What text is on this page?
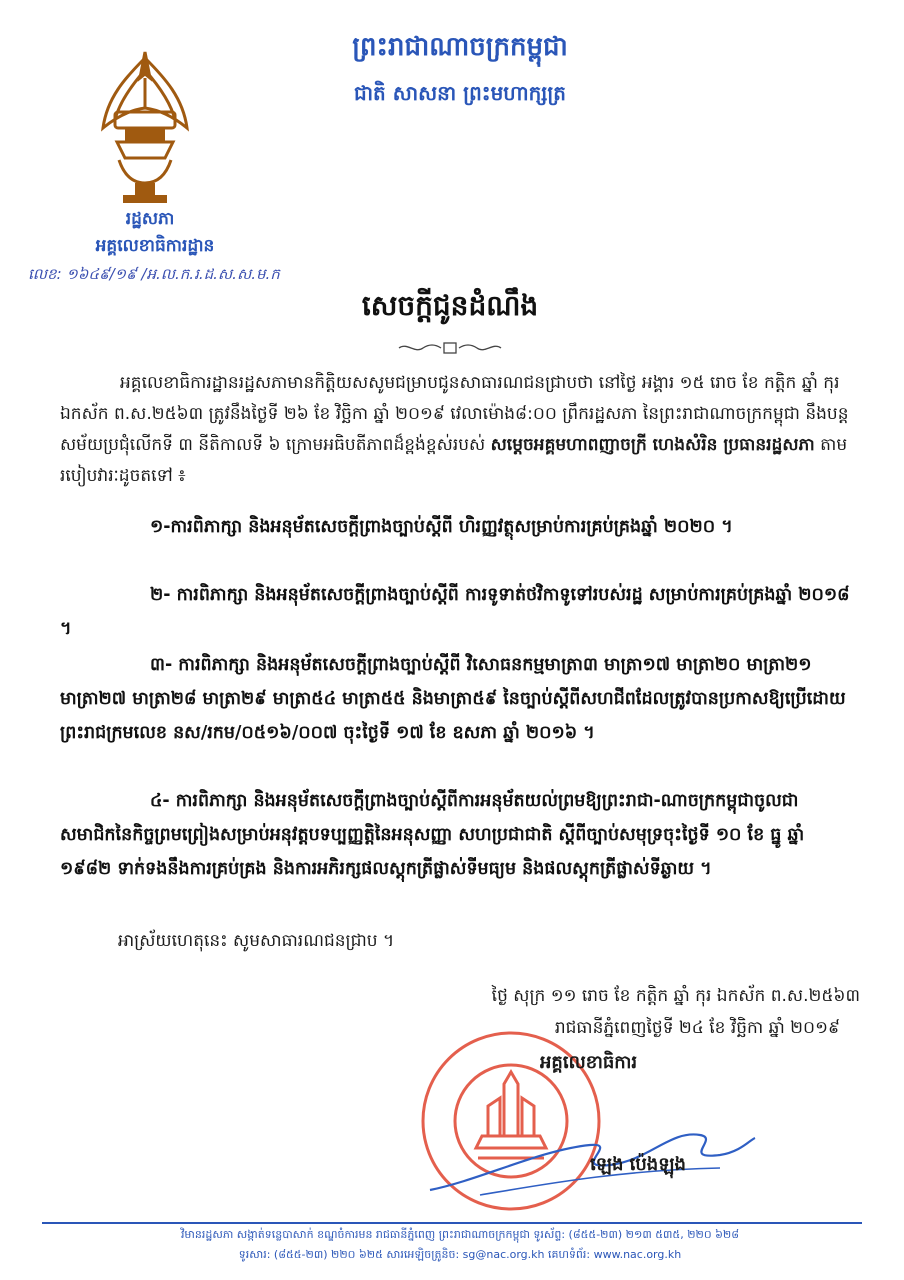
ព្រះរាជាណាចក្រកម្ពុជា
ជាតិ សាសនា ព្រះមហាក្សត្រ
រដ្ឋសភា
អគ្គលេខាធិការដ្ឋាន
លេខ: ១៦៤៩/១៩ /អ.ល.ក.រ.ដ.ស.ស.ម.ក
សេចក្តីជូនដំណឹង
អគ្គលេខាធិការដ្ឋានរដ្ឋសភាមានកិត្តិយសសូមជម្រាបជូនសាធារណជនជ្រាបថា នៅថ្ងៃ អង្គារ ១៥ រោច ខែ កត្តិក ឆ្នាំ កុរ ឯកស័ក ព.ស.២៥៦៣ ត្រូវនឹងថ្ងៃទី ២៦ ខែ វិច្ឆិកា ឆ្នាំ ២០១៩ វេលាម៉ោង៨:០០ ព្រឹករដ្ឋសភា នៃព្រះរាជាណាចក្រកម្ពុជា នឹងបន្តសម័យប្រជុំលើកទី ៣ នីតិកាលទី ៦ ក្រោមអធិបតីភាពដ៏ខ្ពង់ខ្ពស់របស់ សម្តេចអគ្គមហាពញាចក្រី ហេងសំរិន ប្រធានរដ្ឋសភា តាមរបៀបវារៈដូចតទៅ ៖
១-ការពិភាក្សា និងអនុម័តសេចក្តីព្រាងច្បាប់ស្តីពី ហិរញ្ញវត្ថុសម្រាប់ការគ្រប់គ្រងឆ្នាំ ២០២០ ។
២- ការពិភាក្សា និងអនុម័តសេចក្តីព្រាងច្បាប់ស្តីពី ការទូទាត់ថវិកាទូទៅរបស់រដ្ឋ សម្រាប់ការគ្រប់គ្រងឆ្នាំ ២០១៨ ។
៣- ការពិភាក្សា និងអនុម័តសេចក្តីព្រាងច្បាប់ស្តីពី វិសោធនកម្មមាត្រា៣ មាត្រា១៧ មាត្រា២០ មាត្រា២១ មាត្រា២៧ មាត្រា២៨ មាត្រា២៩ មាត្រា៥៤ មាត្រា៥៥ និងមាត្រា៥៩ នៃច្បាប់ស្តីពីសហជីពដែលត្រូវបានប្រកាសឱ្យប្រើដោយព្រះរាជក្រមលេខ នស/រកម/០៥១៦/០០៧ ចុះថ្ងៃទី ១៧ ខែ ឧសភា ឆ្នាំ ២០១៦ ។
៤- ការពិភាក្សា និងអនុម័តសេចក្តីព្រាងច្បាប់ស្តីពីការអនុម័តយល់ព្រមឱ្យព្រះរាជា-ណាចក្រកម្ពុជាចូលជាសមាជិកនៃកិច្ចព្រមព្រៀងសម្រាប់អនុវត្តបទប្បញ្ញត្តិនៃអនុសញ្ញា សហប្រជាជាតិ ស្តីពីច្បាប់សមុទ្រចុះថ្ងៃទី ១០ ខែ ធ្នូ ឆ្នាំ ១៩៨២ ទាក់ទងនឹងការគ្រប់គ្រង និងការអភិរក្សផលស្តុកត្រីផ្លាស់ទីមធ្យម និងផលស្តុកត្រីផ្លាស់ទីឆ្ងាយ ។
អាស្រ័យហេតុនេះ សូមសាធារណជនជ្រាប ។
ថ្ងៃ សុក្រ ១១ រោច ខែ កត្តិក ឆ្នាំ កុរ ឯកស័ក ព.ស.២៥៦៣
រាជធានីភ្នំពេញថ្ងៃទី ២៤ ខែ វិច្ឆិកា ឆ្នាំ ២០១៩
អគ្គលេខាធិការ
ឡេង ប៉េងឡុង
វិមានរដ្ឋសភា សង្កាត់ទន្លេបាសាក់ ខណ្ឌចំការមន រាជធានីភ្នំពេញ ព្រះរាជាណាចក្រកម្ពុជា ទូរស័ព្ទ: (៨៥៥-២៣) ២១៣ ៥៣៥, ២២០ ៦២៨
ទូរសារ: (៨៥៥-២៣) ២២០ ៦២៥ សារអេឡិចត្រូនិច: sg@nac.org.kh គេហទំព័រ: www.nac.org.kh
